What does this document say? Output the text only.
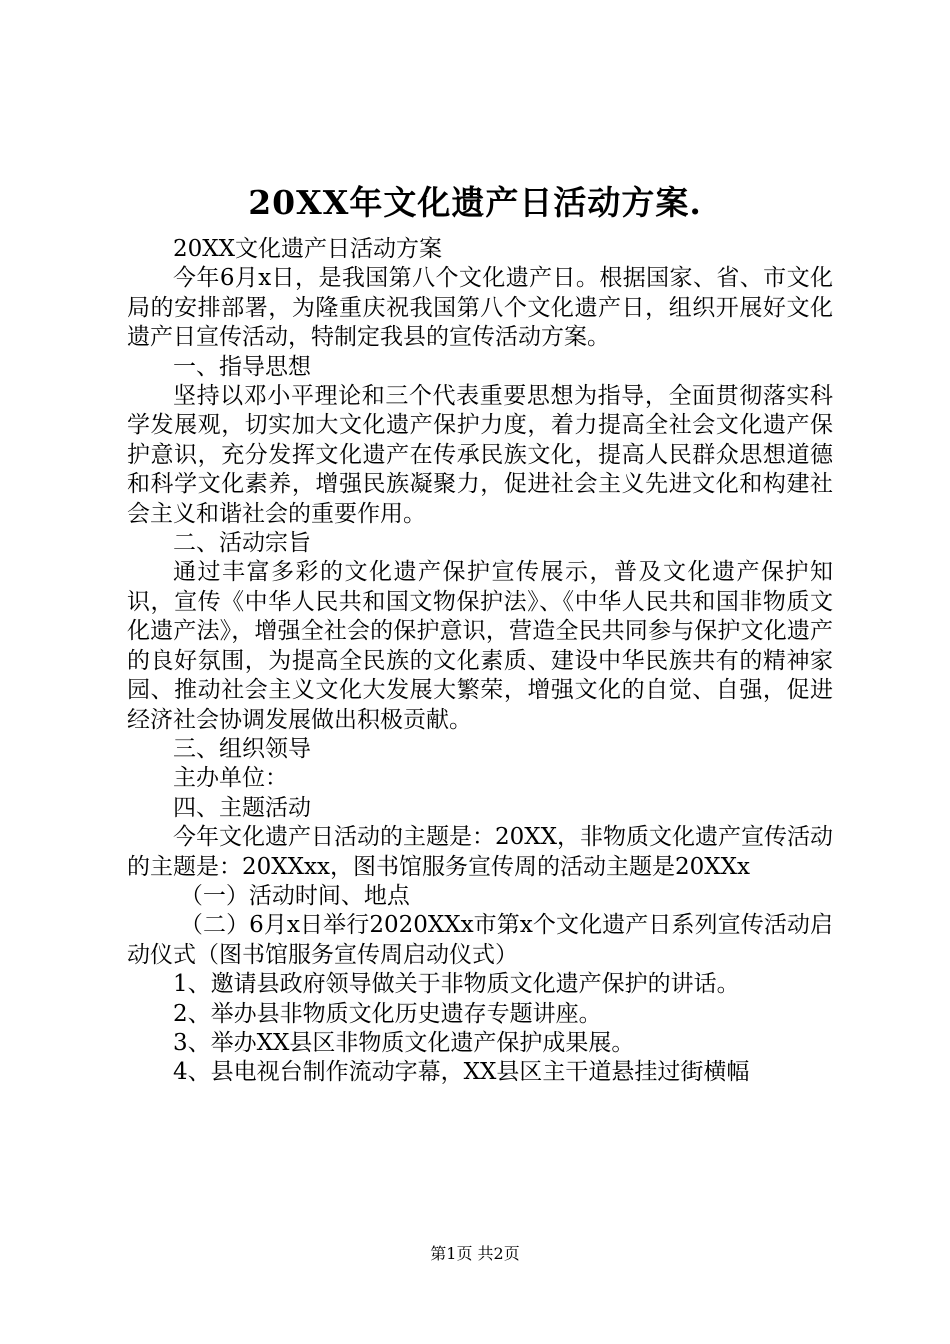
20XX年文化遗产日活动方案.

20XX文化遗产日活动方案

今年6月x日，是我国第八个文化遗产日。根据国家、省、市文化局的安排部署，为隆重庆祝我国第八个文化遗产日，组织开展好文化遗产日宣传活动，特制定我县的宣传活动方案。

一、指导思想

坚持以邓小平理论和三个代表重要思想为指导，全面贯彻落实科学发展观，切实加大文化遗产保护力度，着力提高全社会文化遗产保护意识，充分发挥文化遗产在传承民族文化，提高人民群众思想道德和科学文化素养，增强民族凝聚力，促进社会主义先进文化和构建社会主义和谐社会的重要作用。

二、活动宗旨

通过丰富多彩的文化遗产保护宣传展示，普及文化遗产保护知识，宣传《中华人民共和国文物保护法》、《中华人民共和国非物质文化遗产法》，增强全社会的保护意识，营造全民共同参与保护文化遗产的良好氛围，为提高全民族的文化素质、建设中华民族共有的精神家园、推动社会主义文化大发展大繁荣，增强文化的自觉、自强，促进经济社会协调发展做出积极贡献。

三、组织领导

主办单位：

四、主题活动

今年文化遗产日活动的主题是：20XX，非物质文化遗产宣传活动的主题是：20XXxx，图书馆服务宣传周的活动主题是20XXx

（一）活动时间、地点

（二）6月x日举行2020XXx市第x个文化遗产日系列宣传活动启动仪式（图书馆服务宣传周启动仪式）

1、邀请县政府领导做关于非物质文化遗产保护的讲话。

2、举办县非物质文化历史遗存专题讲座。

3、举办XX县区非物质文化遗产保护成果展。

4、县电视台制作流动字幕，XX县区主干道悬挂过街横幅

第1页 共2页
